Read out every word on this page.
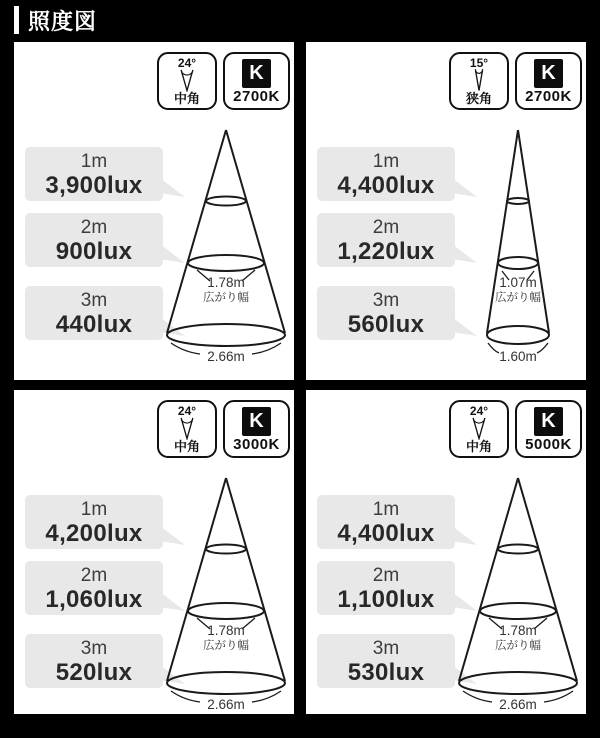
照度図
24°
中角
K
2700K
1m
3,900lux
2m
900lux
3m
440lux
1.78m
広がり幅
2.66m
15°
狭角
K
2700K
1m
4,400lux
2m
1,220lux
3m
560lux
1.07m
広がり幅
1.60m
24°
中角
K
3000K
1m
4,200lux
2m
1,060lux
3m
520lux
1.78m
広がり幅
2.66m
24°
中角
K
5000K
1m
4,400lux
2m
1,100lux
3m
530lux
1.78m
広がり幅
2.66m
